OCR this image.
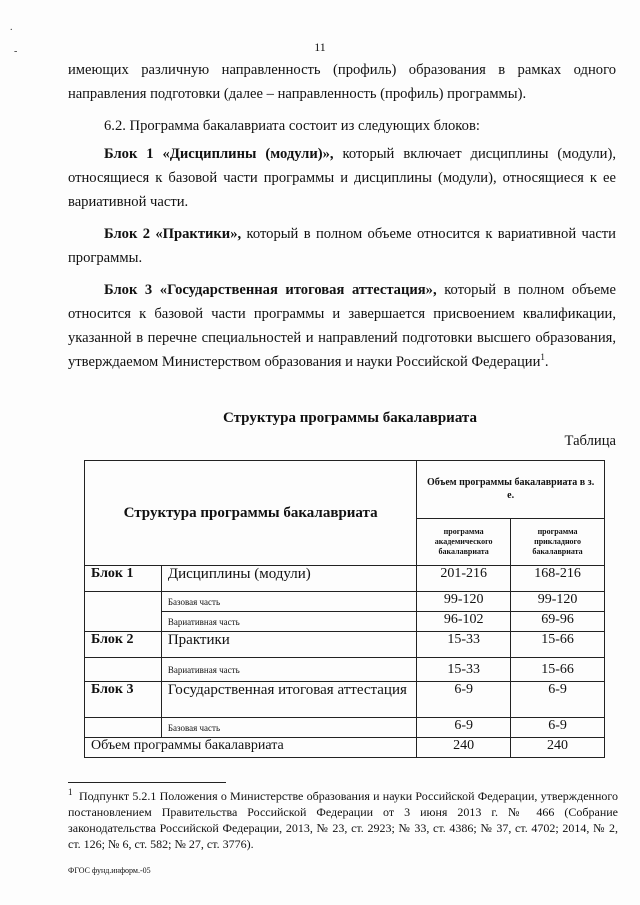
11
.
-

имеющих различную направленность (профиль) образования в рамках одного направления подготовки (далее – направленность (профиль) программы).

6.2. Программа бакалавриата состоит из следующих блоков:

Блок 1 «Дисциплины (модули)», который включает дисциплины (модули), относящиеся к базовой части программы и дисциплины (модули), относящиеся к ее вариативной части.

Блок 2 «Практики», который в полном объеме относится к вариативной части программы.

Блок 3 «Государственная итоговая аттестация», который в полном объеме относится к базовой части программы и завершается присвоением квалификации, указанной в перечне специальностей и направлений подготовки высшего образования, утверждаемом Министерством образования и науки Российской Федерации$^1$.

Структура программы бакалавриата
Таблица
Структура программы бакалавриата		Объем программы бакалавриата в з. е.	
		программа академического бакалавриата	программа прикладного бакалавриата
Блок 1	Дисциплины (модули)	201-216	168-216
	Базовая часть	99-120	99-120
	Вариативная часть	96-102	69-96
Блок 2	Практики	15-33	15-66
	Вариативная часть	15-33	15-66
Блок 3	Государственная итоговая аттестация	6-9	6-9
	Базовая часть	6-9	6-9
Объем программы бакалавриата		240	240

$^1$ Подпункт 5.2.1 Положения о Министерстве образования и науки Российской Федерации, утвержденного постановлением Правительства Российской Федерации от 3 июня 2013 г. № 466 (Собрание законодательства Российской Федерации, 2013, № 23, ст. 2923; № 33, ст. 4386; № 37, ст. 4702; 2014, № 2, ст. 126; № 6, ст. 582; № 27, ст. 3776).

ФГОС фунд.информ.-05
